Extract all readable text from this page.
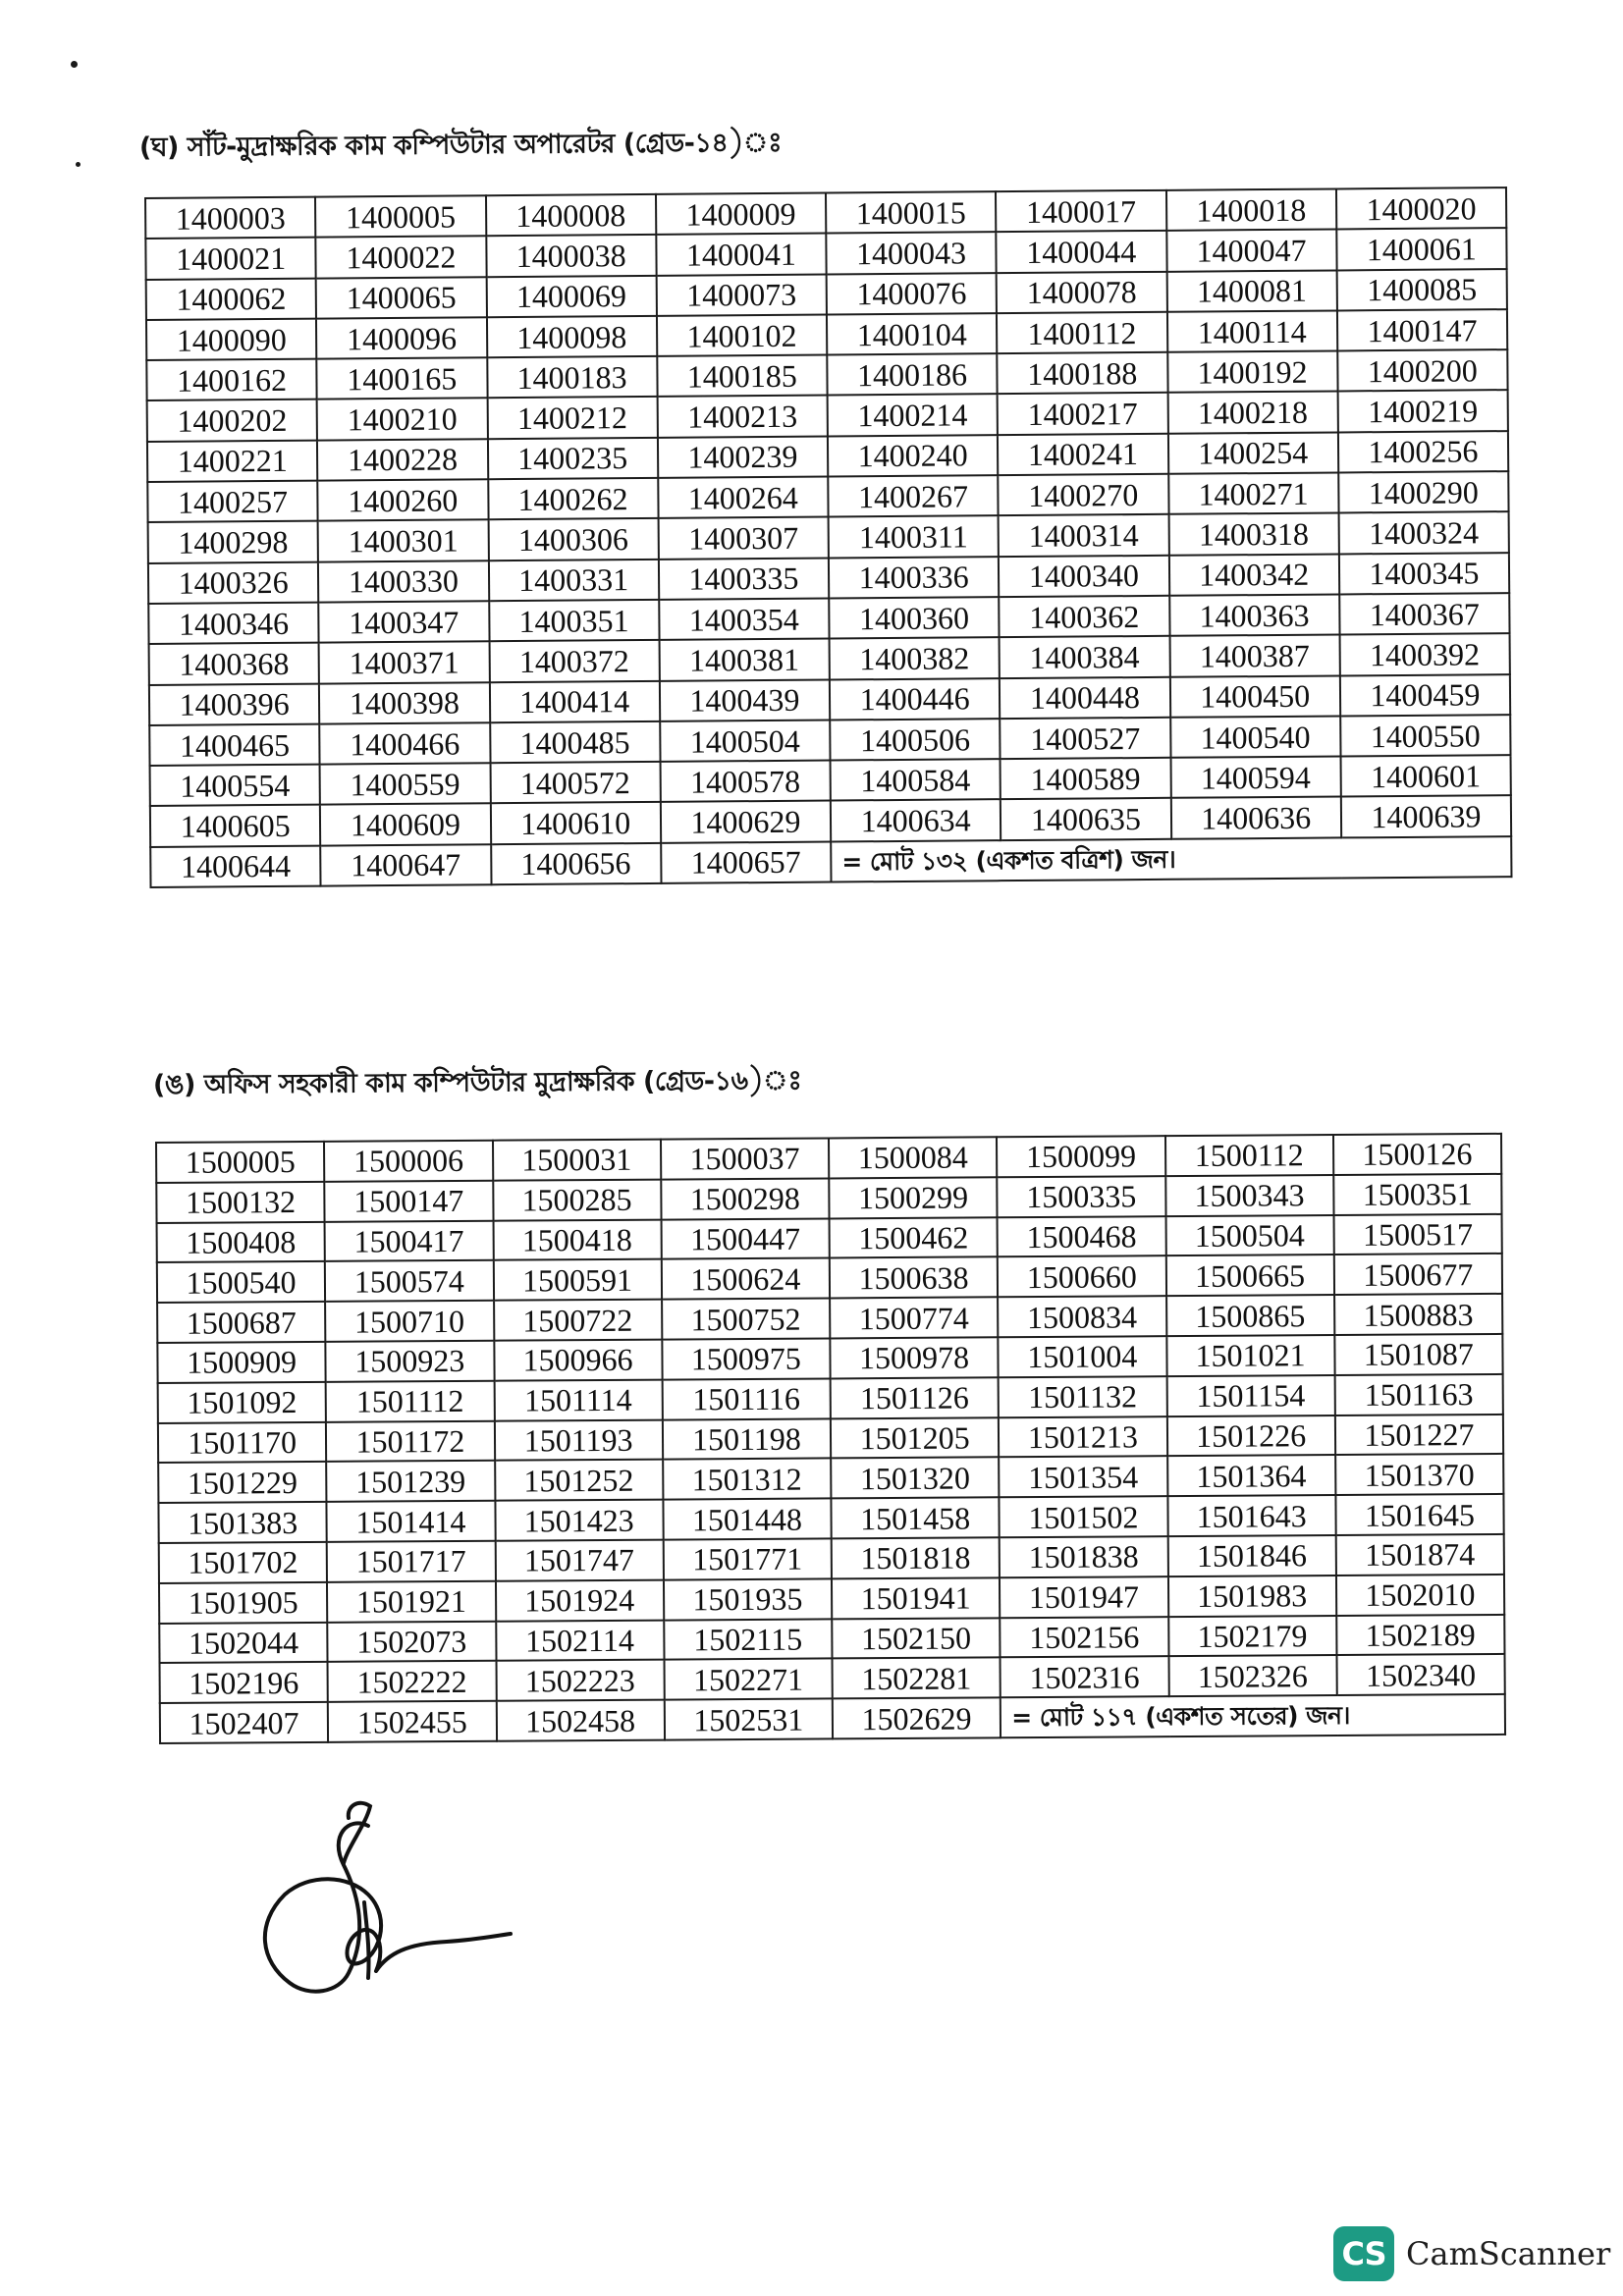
(ঘ) সাঁট-মুদ্রাক্ষরিক কাম কম্পিউটার অপারেটর (গ্রেড-১৪)ঃ
1400003	1400005	1400008	1400009	1400015	1400017	1400018	1400020
1400021	1400022	1400038	1400041	1400043	1400044	1400047	1400061
1400062	1400065	1400069	1400073	1400076	1400078	1400081	1400085
1400090	1400096	1400098	1400102	1400104	1400112	1400114	1400147
1400162	1400165	1400183	1400185	1400186	1400188	1400192	1400200
1400202	1400210	1400212	1400213	1400214	1400217	1400218	1400219
1400221	1400228	1400235	1400239	1400240	1400241	1400254	1400256
1400257	1400260	1400262	1400264	1400267	1400270	1400271	1400290
1400298	1400301	1400306	1400307	1400311	1400314	1400318	1400324
1400326	1400330	1400331	1400335	1400336	1400340	1400342	1400345
1400346	1400347	1400351	1400354	1400360	1400362	1400363	1400367
1400368	1400371	1400372	1400381	1400382	1400384	1400387	1400392
1400396	1400398	1400414	1400439	1400446	1400448	1400450	1400459
1400465	1400466	1400485	1400504	1400506	1400527	1400540	1400550
1400554	1400559	1400572	1400578	1400584	1400589	1400594	1400601
1400605	1400609	1400610	1400629	1400634	1400635	1400636	1400639
1400644	1400647	1400656	1400657	= মোট ১৩২ (একশত বত্রিশ) জন।			
(ঙ) অফিস সহকারী কাম কম্পিউটার মুদ্রাক্ষরিক (গ্রেড-১৬)ঃ
1500005	1500006	1500031	1500037	1500084	1500099	1500112	1500126
1500132	1500147	1500285	1500298	1500299	1500335	1500343	1500351
1500408	1500417	1500418	1500447	1500462	1500468	1500504	1500517
1500540	1500574	1500591	1500624	1500638	1500660	1500665	1500677
1500687	1500710	1500722	1500752	1500774	1500834	1500865	1500883
1500909	1500923	1500966	1500975	1500978	1501004	1501021	1501087
1501092	1501112	1501114	1501116	1501126	1501132	1501154	1501163
1501170	1501172	1501193	1501198	1501205	1501213	1501226	1501227
1501229	1501239	1501252	1501312	1501320	1501354	1501364	1501370
1501383	1501414	1501423	1501448	1501458	1501502	1501643	1501645
1501702	1501717	1501747	1501771	1501818	1501838	1501846	1501874
1501905	1501921	1501924	1501935	1501941	1501947	1501983	1502010
1502044	1502073	1502114	1502115	1502150	1502156	1502179	1502189
1502196	1502222	1502223	1502271	1502281	1502316	1502326	1502340
1502407	1502455	1502458	1502531	1502629	= মোট ১১৭ (একশত সতের) জন।		
CS CamScanner
